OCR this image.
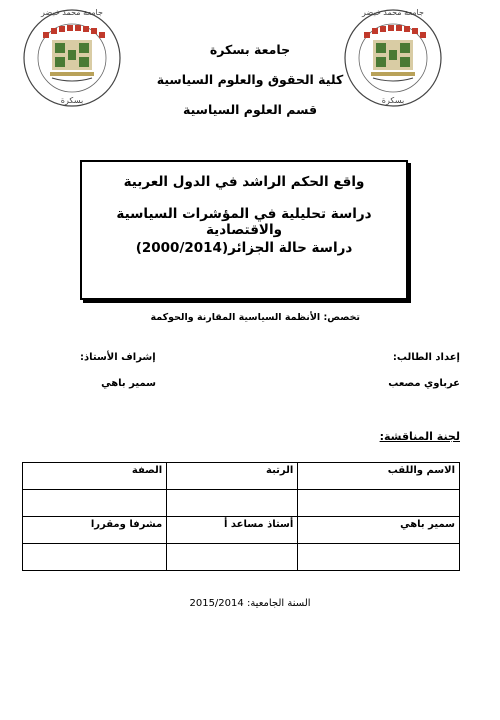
جامعة محمد خيضر
بسكرة
جامعة محمد خيضر
بسكرة
جامعة بسكرة
كلية الحقوق والعلوم السياسية
قسم العلوم السياسية
واقع الحكم الراشد في الدول العربية
دراسة تحليلية في المؤشرات السياسية والاقتصادية
دراسة حالة الجزائر(2000/2014)
تخصص: الأنظمة السياسية المقارنة والحوكمة
إعداد الطالب:
إشراف الأستاذ:
عرباوي مصعب
سمير باهي
لجنة المناقشة:
الاسم واللقب	الرتبة	الصفة

سمير باهي	أستاذ مساعد أ	مشرفا ومقررا

السنة الجامعية: 2015/2014
